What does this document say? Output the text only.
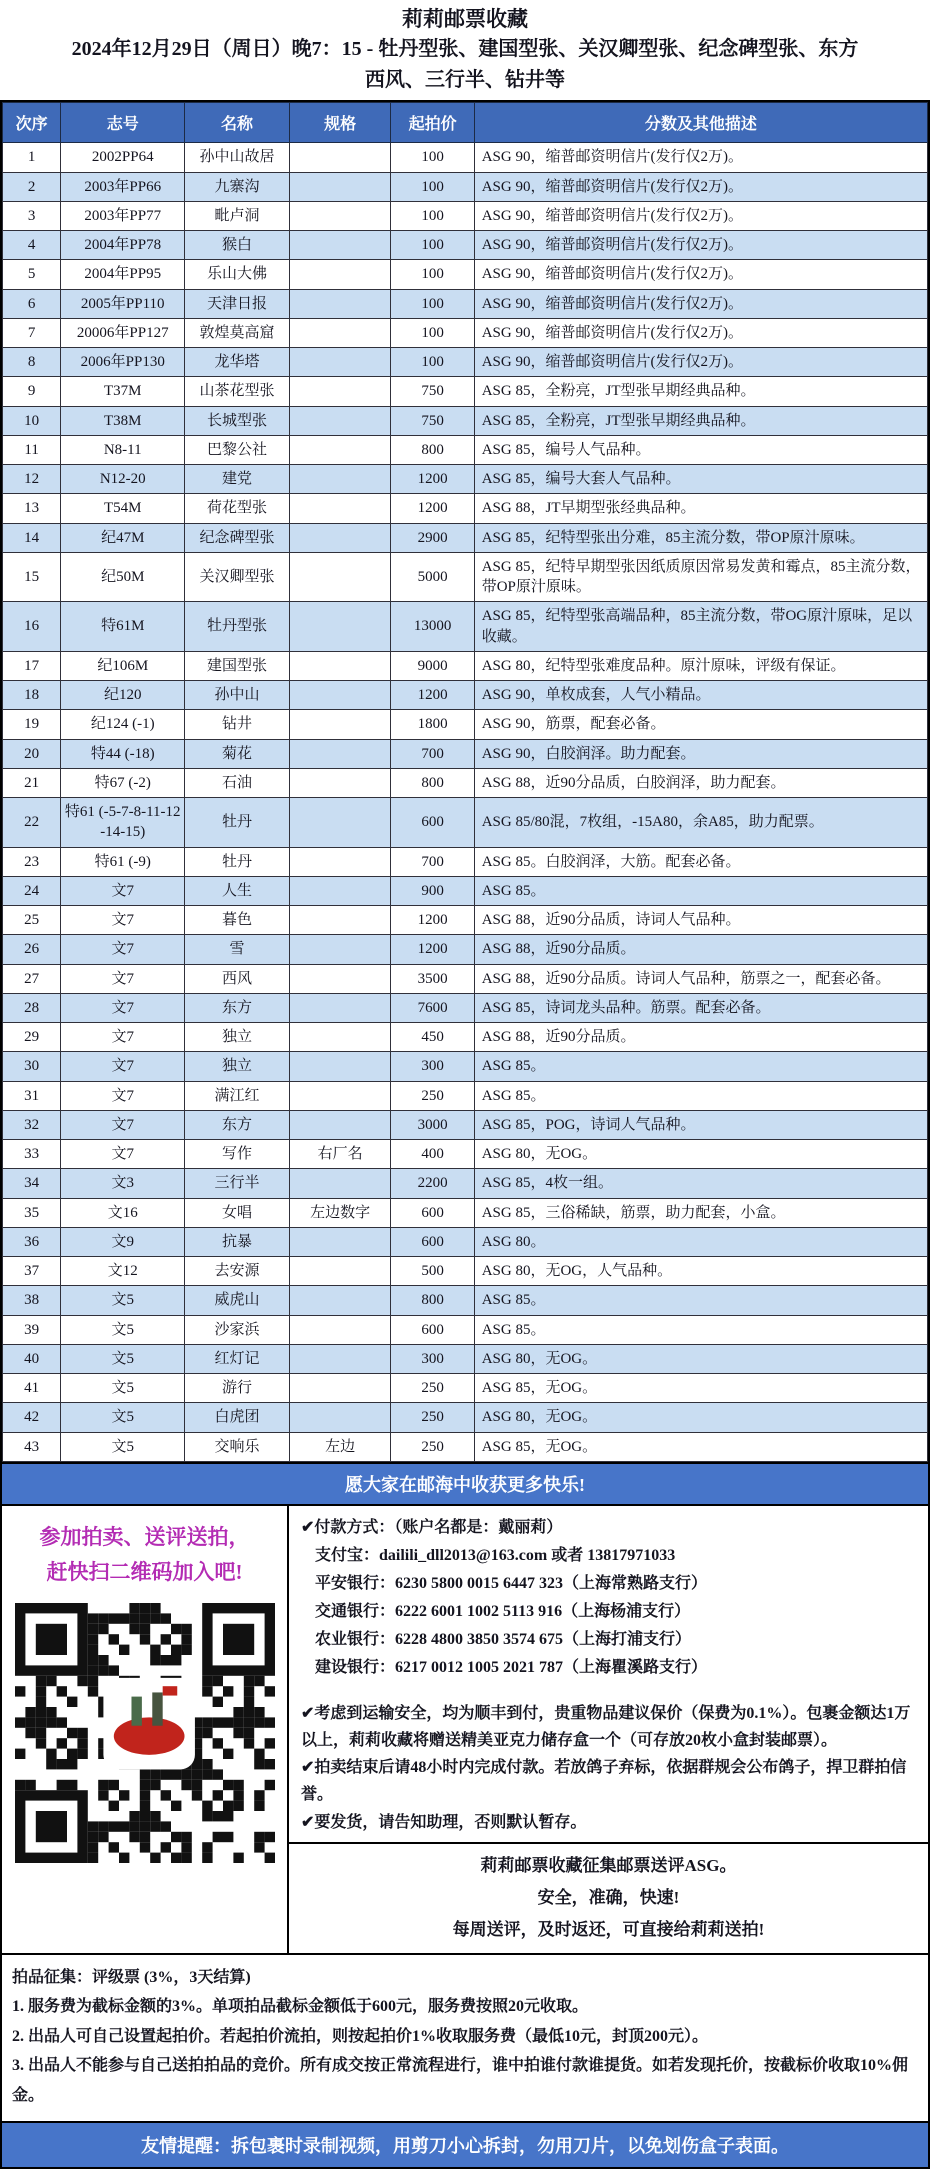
莉莉邮票收藏
2024年12月29日（周日）晚7：15 - 牡丹型张、建国型张、关汉卿型张、纪念碑型张、东方
西风、三行半、钻井等
次序	志号	名称	规格	起拍价	分数及其他描述
1	2002PP64	孙中山故居		100	ASG 90，缩普邮资明信片(发行仅2万)。
2	2003年PP66	九寨沟		100	ASG 90，缩普邮资明信片(发行仅2万)。
3	2003年PP77	毗卢洞		100	ASG 90，缩普邮资明信片(发行仅2万)。
4	2004年PP78	猴白		100	ASG 90，缩普邮资明信片(发行仅2万)。
5	2004年PP95	乐山大佛		100	ASG 90，缩普邮资明信片(发行仅2万)。
6	2005年PP110	天津日报		100	ASG 90，缩普邮资明信片(发行仅2万)。
7	20006年PP127	敦煌莫高窟		100	ASG 90，缩普邮资明信片(发行仅2万)。
8	2006年PP130	龙华塔		100	ASG 90，缩普邮资明信片(发行仅2万)。
9	T37M	山茶花型张		750	ASG 85，全粉亮，JT型张早期经典品种。
10	T38M	长城型张		750	ASG 85，全粉亮，JT型张早期经典品种。
11	N8-11	巴黎公社		800	ASG 85，编号人气品种。
12	N12-20	建党		1200	ASG 85，编号大套人气品种。
13	T54M	荷花型张		1200	ASG 88，JT早期型张经典品种。
14	纪47M	纪念碑型张		2900	ASG 85，纪特型张出分难，85主流分数，带OP原汁原味。
15	纪50M	关汉卿型张		5000	ASG 85，纪特早期型张因纸质原因常易发黄和霉点，85主流分数，带OP原汁原味。
16	特61M	牡丹型张		13000	ASG 85，纪特型张高端品种，85主流分数，带OG原汁原味，足以收藏。
17	纪106M	建国型张		9000	ASG 80，纪特型张难度品种。原汁原味，评级有保证。
18	纪120	孙中山		1200	ASG 90，单枚成套，人气小精品。
19	纪124 (-1)	钻井		1800	ASG 90，筋票，配套必备。
20	特44 (-18)	菊花		700	ASG 90，白胶润泽。助力配套。
21	特67 (-2)	石油		800	ASG 88，近90分品质，白胶润泽，助力配套。
22	特61 (-5-7-8-11-12-14-15)	牡丹		600	ASG 85/80混，7枚组，-15A80，余A85，助力配票。
23	特61 (-9)	牡丹		700	ASG 85。白胶润泽，大筋。配套必备。
24	文7	人生		900	ASG 85。
25	文7	暮色		1200	ASG 88，近90分品质，诗词人气品种。
26	文7	雪		1200	ASG 88，近90分品质。
27	文7	西风		3500	ASG 88，近90分品质。诗词人气品种，筋票之一，配套必备。
28	文7	东方		7600	ASG 85，诗词龙头品种。筋票。配套必备。
29	文7	独立		450	ASG 88，近90分品质。
30	文7	独立		300	ASG 85。
31	文7	满江红		250	ASG 85。
32	文7	东方		3000	ASG 85，POG，诗词人气品种。
33	文7	写作	右厂名	400	ASG 80，无OG。
34	文3	三行半		2200	ASG 85，4枚一组。
35	文16	女唱	左边数字	600	ASG 85，三俗稀缺，筋票，助力配套，小盒。
36	文9	抗暴		600	ASG 80。
37	文12	去安源		500	ASG 80，无OG，人气品种。
38	文5	威虎山		800	ASG 85。
39	文5	沙家浜		600	ASG 85。
40	文5	红灯记		300	ASG 80，无OG。
41	文5	游行		250	ASG 85，无OG。
42	文5	白虎团		250	ASG 80，无OG。
43	文5	交响乐	左边	250	ASG 85，无OG。
愿大家在邮海中收获更多快乐!
参加拍卖、送评送拍，
赶快扫二维码加入吧!
✔付款方式：（账户名都是：戴丽莉）
支付宝：dailili_dll2013@163.com 或者 13817971033
平安银行：6230 5800 0015 6447 323（上海常熟路支行）
交通银行：6222 6001 1002 5113 916（上海杨浦支行）
农业银行：6228 4800 3850 3574 675（上海打浦支行）
建设银行：6217 0012 1005 2021 787（上海瞿溪路支行）
✔考虑到运输安全，均为顺丰到付，贵重物品建议保价（保费为0.1%）。包裹金额达1万以上，莉莉收藏将赠送精美亚克力储存盒一个（可存放20枚小盒封装邮票）。
✔拍卖结束后请48小时内完成付款。若放鸽子弃标，依据群规会公布鸽子，捍卫群拍信誉。
✔要发货，请告知助理，否则默认暂存。
莉莉邮票收藏征集邮票送评ASG。
安全，准确，快速!
每周送评，及时返还，可直接给莉莉送拍!
拍品征集：评级票 (3%，3天结算)
1. 服务费为截标金额的3%。单项拍品截标金额低于600元，服务费按照20元收取。
2. 出品人可自己设置起拍价。若起拍价流拍，则按起拍价1%收取服务费（最低10元，封顶200元）。
3. 出品人不能参与自己送拍拍品的竞价。所有成交按正常流程进行，谁中拍谁付款谁提货。如若发现托价，按截标价收取10%佣金。
友情提醒：拆包裹时录制视频，用剪刀小心拆封，勿用刀片，以免划伤盒子表面。
